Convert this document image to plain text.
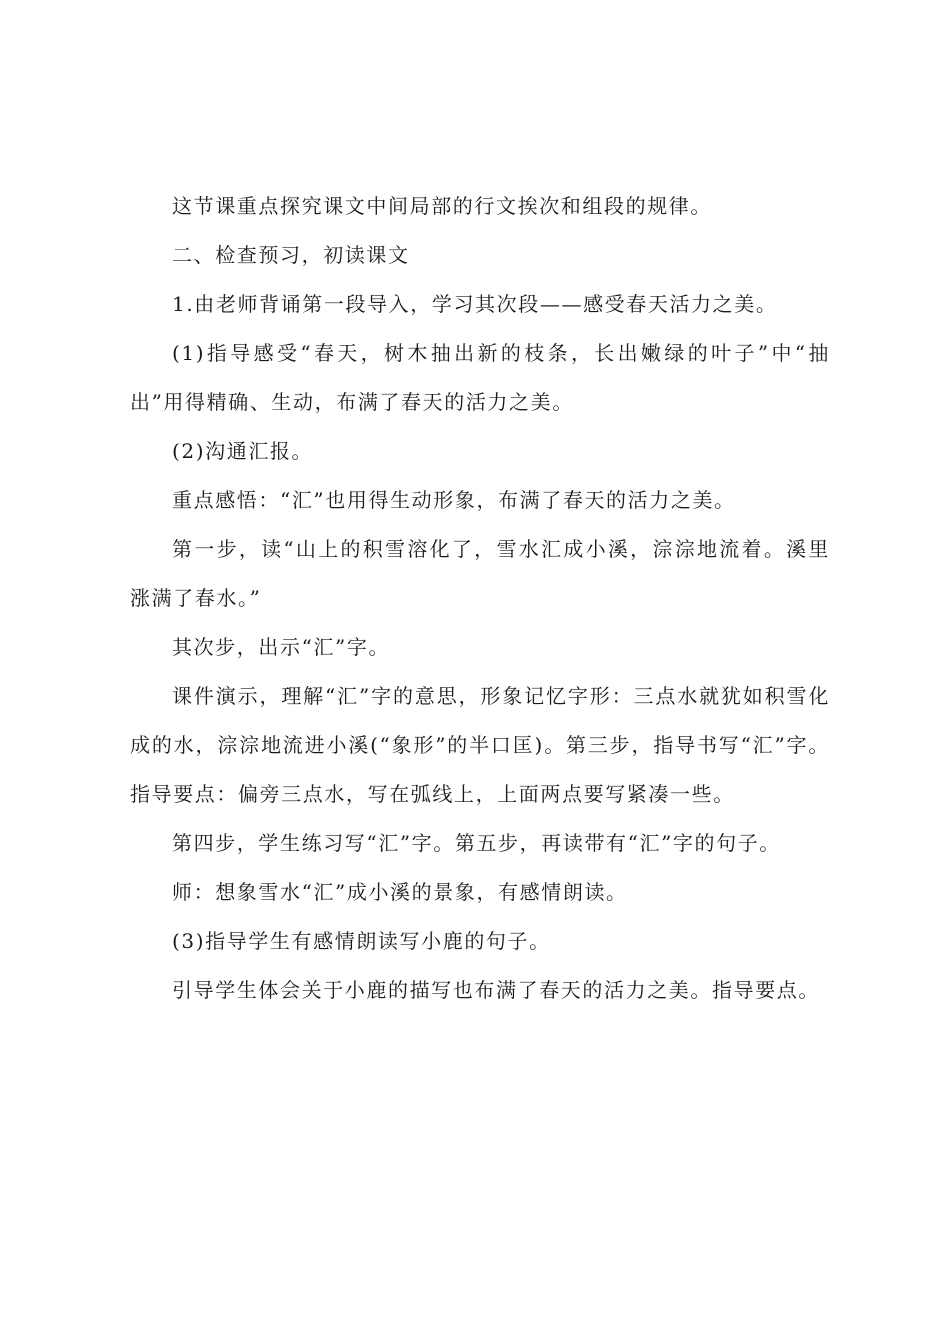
这节课重点探究课文中间局部的行文挨次和组段的规律。

二、检查预习，初读课文

1.由老师背诵第一段导入，学习其次段——感受春天活力之美。

(1)指导感受“春天，树木抽出新的枝条，长出嫩绿的叶子”中“抽出”用得精确、生动，布满了春天的活力之美。

(2)沟通汇报。

重点感悟：“汇”也用得生动形象，布满了春天的活力之美。

第一步，读“山上的积雪溶化了，雪水汇成小溪，淙淙地流着。溪里涨满了春水。”

其次步，出示“汇”字。

课件演示，理解“汇”字的意思，形象记忆字形：三点水就犹如积雪化成的水，淙淙地流进小溪(“象形”的半口匡)。第三步，指导书写“汇”字。指导要点：偏旁三点水，写在弧线上，上面两点要写紧凑一些。

第四步，学生练习写“汇”字。第五步，再读带有“汇”字的句子。

师：想象雪水“汇”成小溪的景象，有感情朗读。

(3)指导学生有感情朗读写小鹿的句子。

引导学生体会关于小鹿的描写也布满了春天的活力之美。指导要点。
